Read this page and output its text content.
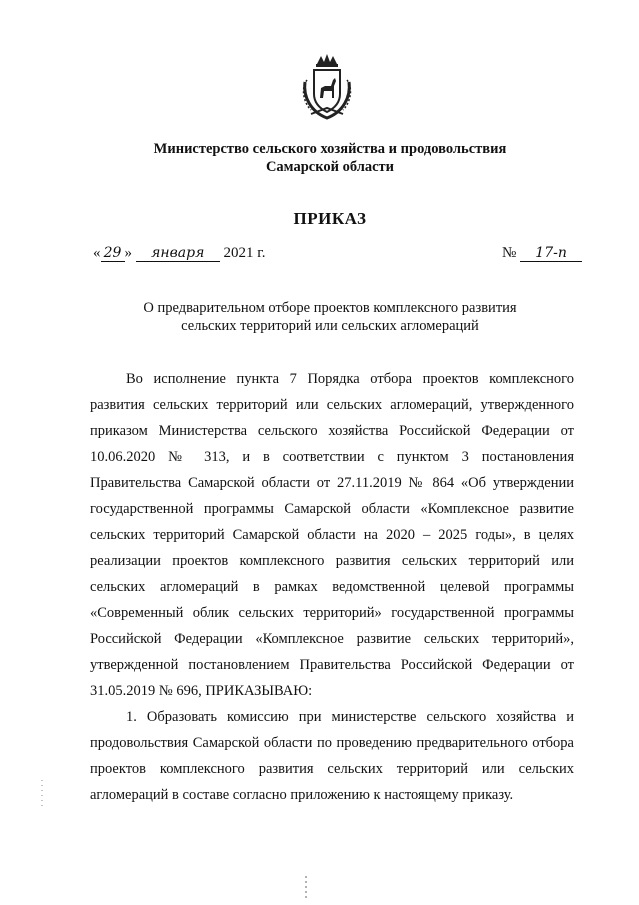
Министерство сельского хозяйства и продовольствия
Самарской области
ПРИКАЗ
« 29 » января 2021 г.	№ 17-п
О предварительном отборе проектов комплексного развития
сельских территорий или сельских агломераций

Во исполнение пункта 7 Порядка отбора проектов комплексного развития сельских территорий или сельских агломераций, утвержденного приказом Министерства сельского хозяйства Российской Федерации от 10.06.2020 № 313, и в соответствии с пунктом 3 постановления Правительства Самарской области от 27.11.2019 № 864 «Об утверждении государственной программы Самарской области «Комплексное развитие сельских территорий Самарской области на 2020 – 2025 годы», в целях реализации проектов комплексного развития сельских территорий или сельских агломераций в рамках ведомственной целевой программы «Современный облик сельских территорий» государственной программы Российской Федерации «Комплексное развитие сельских территорий», утвержденной постановлением Правительства Российской Федерации от 31.05.2019 № 696, ПРИКАЗЫВАЮ:

1. Образовать комиссию при министерстве сельского хозяйства и продовольствия Самарской области по проведению предварительного отбора проектов комплексного развития сельских территорий или сельских агломераций в составе согласно приложению к настоящему приказу.
